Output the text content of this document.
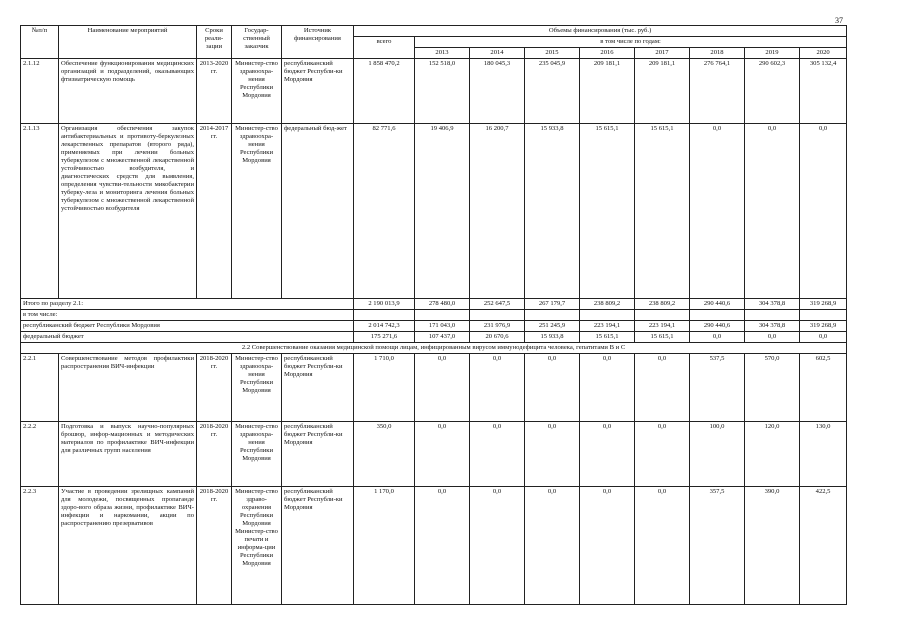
37
№п/п	Наименование мероприятий	Сроки реали-зации	Государ-ственный заказчик	Источник финансирования	Объемы финансирования (тыс. руб.)								
					всего	в том числе по годам:							
						2013	2014	2015	2016	2017	2018	2019	2020
2.1.12	Обеспечение функционирования медицинских организаций и подразделений, оказывающих фтизиатрическую помощь	2013-2020 гг.	Министер-ство здравоохра-нения Республики Мордовия	республиканский бюджет Республи-ки Мордовия	1 858 470,2	152 518,0	180 045,3	235 045,9	209 181,1	209 181,1	276 764,1	290 602,3	305 132,4
2.1.13	Организация обеспечения закупок антибактериальных и противоту-беркулезных лекарственных препаратов (второго ряда), применяемых при лечении больных туберкулезом с множественной лекарственной устойчивостью возбудителя, и диагностических средств для выявления, определения чувстви-тельности микобактерии туберку-леза и мониторинга лечения больных туберкулезом с множественной лекарственной устойчивостью возбудителя	2014-2017 гг.	Министер-ство здравоохра-нения Республики Мордовия	федеральный бюд-жет	82 771,6	19 406,9	16 200,7	15 933,8	15 615,1	15 615,1	0,0	0,0	0,0
Итого по разделу 2.1:					2 190 013,9	278 480,0	252 647,5	267 179,7	238 809,2	238 809,2	290 440,6	304 378,8	319 268,9
в том числе:													
республиканский бюджет Республики Мордовия					2 014 742,3	171 043,0	231 976,9	251 245,9	223 194,1	223 194,1	290 440,6	304 378,8	319 268,9
федеральный бюджет					175 271,6	107 437,0	20 670,6	15 933,8	15 615,1	15 615,1	0,0	0,0	0,0
2.2 Совершенствование оказания медицинской помощи лицам, инфицированным вирусом иммунодефицита человека, гепатитами В и С													
2.2.1	Совершенствование методов профилактики распространения ВИЧ-инфекции	2018-2020 гг.	Министер-ство здравоохра-нения Республики Мордовия	республиканский бюджет Республи-ки Мордовия	1 710,0	0,0	0,0	0,0	0,0	0,0	537,5	570,0	602,5
2.2.2	Подготовка и выпуск научно-популярных брошюр, инфор-мационных и методических материалов по профилактике ВИЧ-инфекции для различных групп населения	2018-2020 гг.	Министер-ство здравоохра-нения Республики Мордовия	республиканский бюджет Республи-ки Мордовия	350,0	0,0	0,0	0,0	0,0	0,0	100,0	120,0	130,0
2.2.3	Участие в проведении зрелищных кампаний для молодежи, посвященных пропаганде здоро-вого образа жизни, профилактике ВИЧ-инфекции и наркомании, акции по распространению презервативов	2018-2020 гг.	Министер-ство здраво-охранения Республики Мордовия Министер-ство печати и информа-ции Республики Мордовия	республиканский бюджет Республи-ки Мордовия	1 170,0	0,0	0,0	0,0	0,0	0,0	357,5	390,0	422,5
